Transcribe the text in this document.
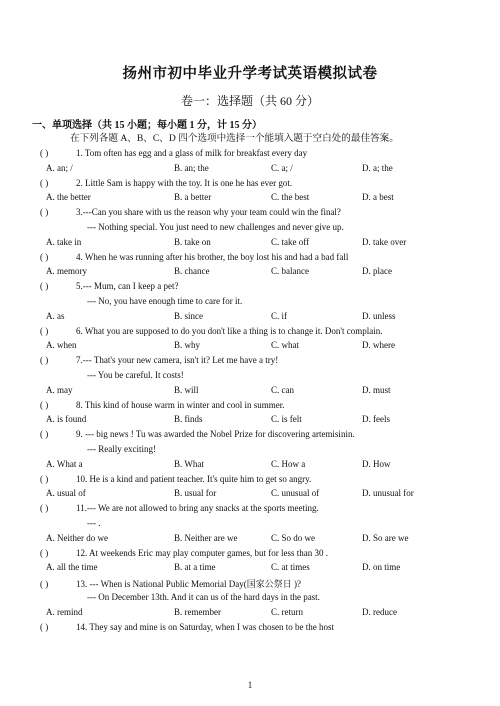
扬州市初中毕业升学考试英语模拟试卷
卷一：选择题（共 60 分）
一、单项选择（共 15 小题；每小题 1 分，计 15 分）
在下列各题 A、B、C、D 四个选项中选择一个能填入题于空白处的最佳答案。
( )	1. Tom often has egg and a glass of milk for breakfast every day
A. an; /	B. an; the	C. a; /	D. a; the
( )	2. Little Sam is happy with the toy. It is one he has ever got.
A. the better	B. a better	C. the best	D. a best
( )	3.---Can you share with us the reason why your team could win the final?
--- Nothing special. You just need to new challenges and never give up.
A. take in	B. take on	C. take off	D. take over
( )	4. When he was running after his brother, the boy lost his and had a bad fall
A. memory	B. chance	C. balance	D. place
( )	5.--- Mum, can I keep a pet?
--- No, you have enough time to care for it.
A. as	B. since	C. if	D. unless
( )	6. What you are supposed to do you don't like a thing is to change it. Don't complain.
A. when	B. why	C. what	D. where
( )	7.--- That's your new camera, isn't it? Let me have a try!
--- You be careful. It costs!
A. may	B. will	C. can	D. must
( )	8. This kind of house warm in winter and cool in summer.
A. is found	B. finds	C. is felt	D. feels
( )	9. --- big news ! Tu was awarded the Nobel Prize for discovering artemisinin.
--- Really exciting!
A. What a	B. What	C. How a	D. How
( )	10. He is a kind and patient teacher. It's quite him to get so angry.
A. usual of	B. usual for	C. unusual of	D. unusual for
( )	11.--- We are not allowed to bring any snacks at the sports meeting.
--- .
A. Neither do we	B. Neither are we	C. So do we	D. So are we
( )	12. At weekends Eric may play computer games, but for less than 30 .
A. all the time	B. at a time	C. at times	D. on time
( )	13. --- When is National Public Memorial Day(国家公祭日 )?
--- On December 13th. And it can us of the hard days in the past.
A. remind	B. remember	C. return	D. reduce
( )	14. They say and mine is on Saturday, when I was chosen to be the host
1
